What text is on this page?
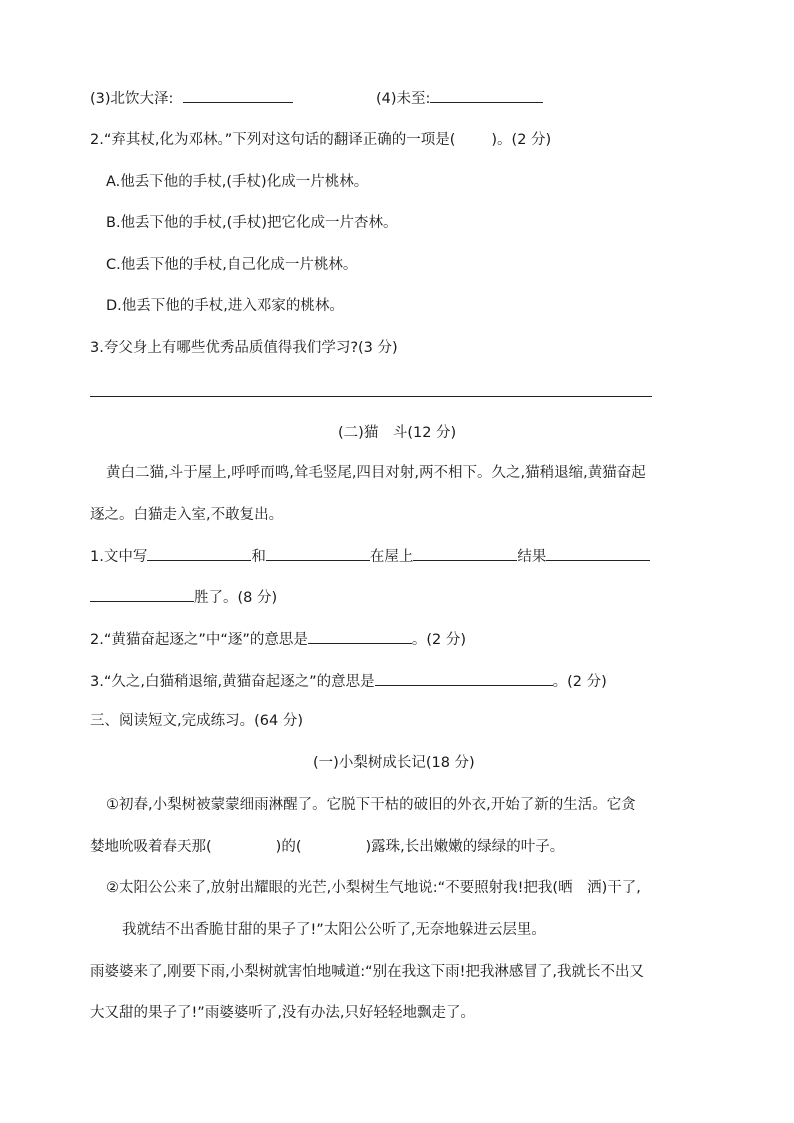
(3)北饮大泽:	(4)未至:
2.“弃其杖,化为邓林。”下列对这句话的翻译正确的一项是( )。(2 分)
A.他丢下他的手杖,(手杖)化成一片桃林。
B.他丢下他的手杖,(手杖)把它化成一片杏林。
C.他丢下他的手杖,自己化成一片桃林。
D.他丢下他的手杖,进入邓家的桃林。
3.夸父身上有哪些优秀品质值得我们学习?(3 分)
(二)猫　斗(12 分)
黄白二猫,斗于屋上,呼呼而鸣,耸毛竖尾,四目对射,两不相下。久之,猫稍退缩,黄猫奋起
逐之。白猫走入室,不敢复出。
1.文中写	和	在屋上	结果
胜了。(8 分)
2.“黄猫奋起逐之”中“逐”的意思是	。(2 分)
3.“久之,白猫稍退缩,黄猫奋起逐之”的意思是	。(2 分)
三、阅读短文,完成练习。(64 分)
(一)小梨树成长记(18 分)
①初春,小梨树被蒙蒙细雨淋醒了。它脱下干枯的破旧的外衣,开始了新的生活。它贪
婪地吮吸着春天那(	)的(	)露珠,长出嫩嫩的绿绿的叶子。
②太阳公公来了,放射出耀眼的光芒,小梨树生气地说:“不要照射我!把我(晒　洒)干了,
我就结不出香脆甘甜的果子了!”太阳公公听了,无奈地躲进云层里。
雨婆婆来了,刚要下雨,小梨树就害怕地喊道:“别在我这下雨!把我淋感冒了,我就长不出又
大又甜的果子了!”雨婆婆听了,没有办法,只好轻轻地飘走了。
